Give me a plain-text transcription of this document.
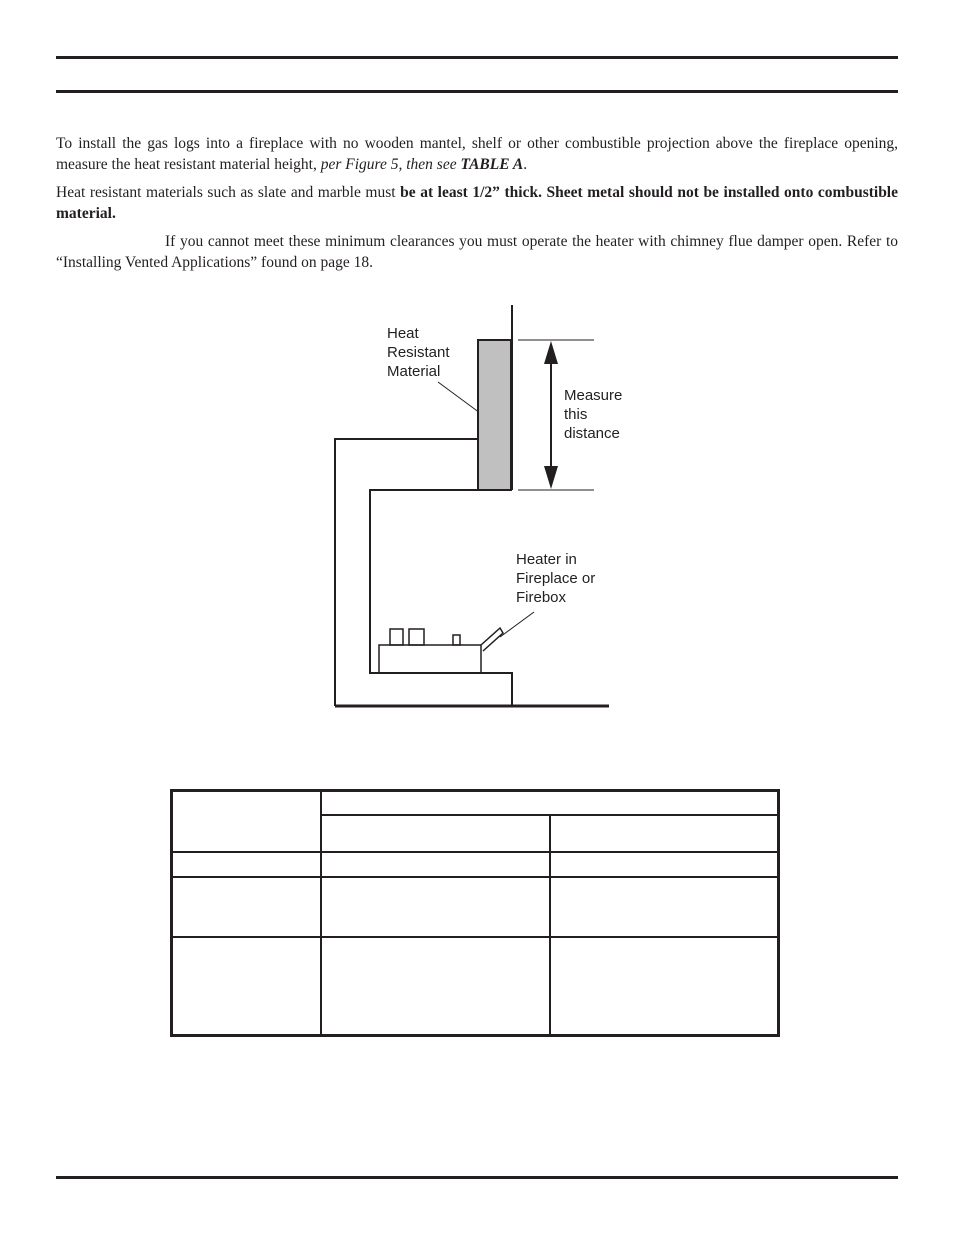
To install the gas logs into a fireplace with no wooden mantel, shelf or other combustible projection above the fireplace opening, measure the heat resistant material height, per Figure 5, then see TABLE A.

Heat resistant materials such as slate and marble must be at least 1/2” thick. Sheet metal should not be installed onto combustible material.

If you cannot meet these minimum clearances you must operate the heater with chimney flue damper open. Refer to “Installing Vented Applications” found on page 18.

Heat Resistant Material
Measure this distance
Heater in Fireplace or Firebox
